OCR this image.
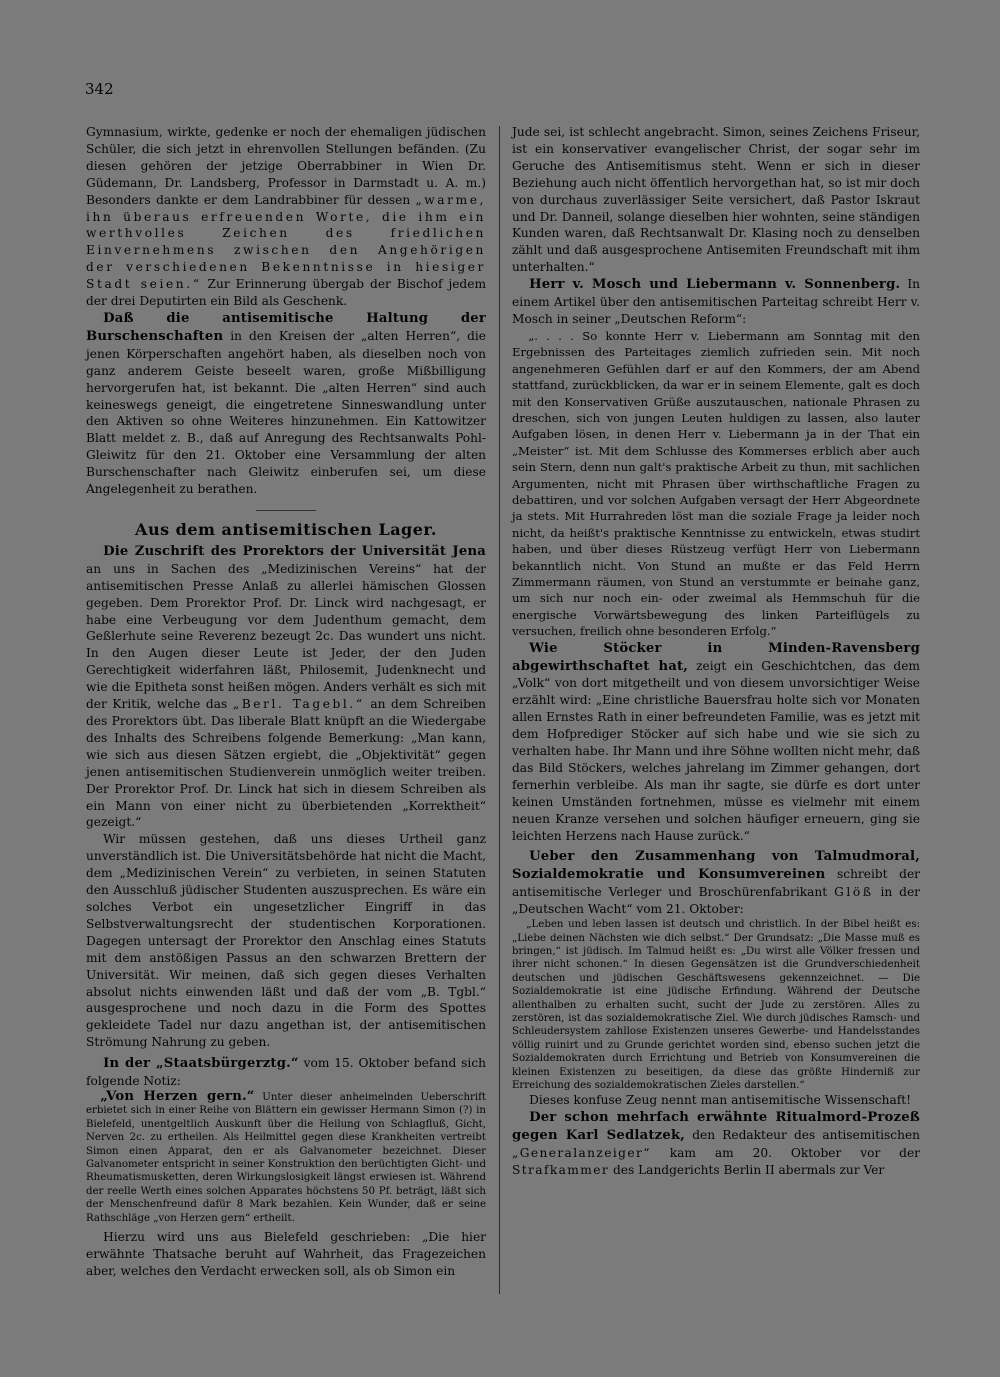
342

Gymnasium, wirkte, gedenke er noch der ehemaligen jüdischen Schüler, die sich jetzt in ehrenvollen Stellungen befänden. (Zu diesen gehören der jetzige Oberrabbiner in Wien Dr. Güdemann, Dr. Landsberg, Professor in Darmstadt u. A. m.) Besonders dankte er dem Landrabbiner für dessen „warme, ihn überaus erfreuenden Worte, die ihm ein werthvolles Zeichen des friedlichen Einvernehmens zwischen den Angehörigen der verschiedenen Bekenntnisse in hiesiger Stadt seien.“ Zur Erinnerung übergab der Bischof jedem der drei Deputirten ein Bild als Geschenk.

Daß die antisemitische Haltung der Burschenschaften in den Kreisen der „alten Herren“, die jenen Körperschaften angehört haben, als dieselben noch von ganz anderem Geiste beseelt waren, große Mißbilligung hervorgerufen hat, ist bekannt. Die „alten Herren“ sind auch keineswegs geneigt, die eingetretene Sinneswandlung unter den Aktiven so ohne Weiteres hinzunehmen. Ein Kattowitzer Blatt meldet z. B., daß auf Anregung des Rechtsanwalts Pohl-Gleiwitz für den 21. Oktober eine Versammlung der alten Burschenschafter nach Gleiwitz einberufen sei, um diese Angelegenheit zu berathen.

Aus dem antisemitischen Lager.

Die Zuschrift des Prorektors der Universität Jena an uns in Sachen des „Medizinischen Vereins“ hat der antisemitischen Presse Anlaß zu allerlei hämischen Glossen gegeben. Dem Prorektor Prof. Dr. Linck wird nachgesagt, er habe eine Verbeugung vor dem Judenthum gemacht, dem Geßlerhute seine Reverenz bezeugt 2c. Das wundert uns nicht. In den Augen dieser Leute ist Jeder, der den Juden Gerechtigkeit widerfahren läßt, Philosemit, Judenknecht und wie die Epitheta sonst heißen mögen. Anders verhält es sich mit der Kritik, welche das „Berl. Tagebl.“ an dem Schreiben des Prorektors übt. Das liberale Blatt knüpft an die Wiedergabe des Inhalts des Schreibens folgende Bemerkung: „Man kann, wie sich aus diesen Sätzen ergiebt, die „Objektivität“ gegen jenen antisemitischen Studienverein unmöglich weiter treiben. Der Prorektor Prof. Dr. Linck hat sich in diesem Schreiben als ein Mann von einer nicht zu überbietenden „Korrektheit“ gezeigt.“

Wir müssen gestehen, daß uns dieses Urtheil ganz unverständlich ist. Die Universitätsbehörde hat nicht die Macht, dem „Medizinischen Verein“ zu verbieten, in seinen Statuten den Ausschluß jüdischer Studenten auszusprechen. Es wäre ein solches Verbot ein ungesetzlicher Eingriff in das Selbstverwaltungsrecht der studentischen Korporationen. Dagegen untersagt der Prorektor den Anschlag eines Statuts mit dem anstößigen Passus an den schwarzen Brettern der Universität. Wir meinen, daß sich gegen dieses Verhalten absolut nichts einwenden läßt und daß der vom „B. Tgbl.“ ausgesprochene und noch dazu in die Form des Spottes gekleidete Tadel nur dazu angethan ist, der antisemitischen Strömung Nahrung zu geben.

In der „Staatsbürgerztg.“ vom 15. Oktober befand sich folgende Notiz:

„Von Herzen gern.“ Unter dieser anheimelnden Ueberschrift erbietet sich in einer Reihe von Blättern ein gewisser Hermann Simon (?) in Bielefeld, unentgeltlich Auskunft über die Heilung von Schlagfluß, Gicht, Nerven 2c. zu ertheilen. Als Heilmittel gegen diese Krankheiten vertreibt Simon einen Apparat, den er als Galvanometer bezeichnet. Dieser Galvanometer entspricht in seiner Konstruktion den berüchtigten Gicht- und Rheumatismusketten, deren Wirkungslosigkeit längst erwiesen ist. Während der reelle Werth eines solchen Apparates höchstens 50 Pf. beträgt, läßt sich der Menschenfreund dafür 8 Mark bezahlen. Kein Wunder, daß er seine Rathschläge „von Herzen gern“ ertheilt.

Hierzu wird uns aus Bielefeld geschrieben: „Die hier erwähnte Thatsache beruht auf Wahrheit, das Fragezeichen aber, welches den Verdacht erwecken soll, als ob Simon ein

Jude sei, ist schlecht angebracht. Simon, seines Zeichens Friseur, ist ein konservativer evangelischer Christ, der sogar sehr im Geruche des Antisemitismus steht. Wenn er sich in dieser Beziehung auch nicht öffentlich hervorgethan hat, so ist mir doch von durchaus zuverlässiger Seite versichert, daß Pastor Iskraut und Dr. Danneil, solange dieselben hier wohnten, seine ständigen Kunden waren, daß Rechtsanwalt Dr. Klasing noch zu denselben zählt und daß ausgesprochene Antisemiten Freundschaft mit ihm unterhalten.“

Herr v. Mosch und Liebermann v. Sonnenberg. In einem Artikel über den antisemitischen Parteitag schreibt Herr v. Mosch in seiner „Deutschen Reform“:

„. . . . So konnte Herr v. Liebermann am Sonntag mit den Ergebnissen des Parteitages ziemlich zufrieden sein. Mit noch angenehmeren Gefühlen darf er auf den Kommers, der am Abend stattfand, zurückblicken, da war er in seinem Elemente, galt es doch mit den Konservativen Grüße auszutauschen, nationale Phrasen zu dreschen, sich von jungen Leuten huldigen zu lassen, also lauter Aufgaben lösen, in denen Herr v. Liebermann ja in der That ein „Meister“ ist. Mit dem Schlusse des Kommerses erblich aber auch sein Stern, denn nun galt's praktische Arbeit zu thun, mit sachlichen Argumenten, nicht mit Phrasen über wirthschaftliche Fragen zu debattiren, und vor solchen Aufgaben versagt der Herr Abgeordnete ja stets. Mit Hurrahreden löst man die soziale Frage ja leider noch nicht, da heißt's praktische Kenntnisse zu entwickeln, etwas studirt haben, und über dieses Rüstzeug verfügt Herr von Liebermann bekanntlich nicht. Von Stund an mußte er das Feld Herrn Zimmermann räumen, von Stund an verstummte er beinahe ganz, um sich nur noch ein- oder zweimal als Hemmschuh für die energische Vorwärtsbewegung des linken Parteiflügels zu versuchen, freilich ohne besonderen Erfolg.“

Wie Stöcker in Minden-Ravensberg abgewirthschaftet hat, zeigt ein Geschichtchen, das dem „Volk“ von dort mitgetheilt und von diesem unvorsichtiger Weise erzählt wird: „Eine christliche Bauersfrau holte sich vor Monaten allen Ernstes Rath in einer befreundeten Familie, was es jetzt mit dem Hofprediger Stöcker auf sich habe und wie sie sich zu verhalten habe. Ihr Mann und ihre Söhne wollten nicht mehr, daß das Bild Stöckers, welches jahrelang im Zimmer gehangen, dort fernerhin verbleibe. Als man ihr sagte, sie dürfe es dort unter keinen Umständen fortnehmen, müsse es vielmehr mit einem neuen Kranze versehen und solchen häufiger erneuern, ging sie leichten Herzens nach Hause zurück.“

Ueber den Zusammenhang von Talmudmoral, Sozialdemokratie und Konsumvereinen schreibt der antisemitische Verleger und Broschürenfabrikant Glöß in der „Deutschen Wacht“ vom 21. Oktober:

„Leben und leben lassen ist deutsch und christlich. In der Bibel heißt es: „Liebe deinen Nächsten wie dich selbst.“ Der Grundsatz: „Die Masse muß es bringen,“ ist jüdisch. Im Talmud heißt es: „Du wirst alle Völker fressen und ihrer nicht schonen.“ In diesen Gegensätzen ist die Grundverschiedenheit deutschen und jüdischen Geschäftswesens gekennzeichnet. — Die Sozialdemokratie ist eine jüdische Erfindung. Während der Deutsche allenthalben zu erhalten sucht, sucht der Jude zu zerstören. Alles zu zerstören, ist das sozialdemokratische Ziel. Wie durch jüdisches Ramsch- und Schleudersystem zahllose Existenzen unseres Gewerbe- und Handelsstandes völlig ruinirt und zu Grunde gerichtet worden sind, ebenso suchen jetzt die Sozialdemokraten durch Errichtung und Betrieb von Konsumvereinen die kleinen Existenzen zu beseitigen, da diese das größte Hinderniß zur Erreichung des sozialdemokratischen Zieles darstellen.“

Dieses konfuse Zeug nennt man antisemitische Wissenschaft!

Der schon mehrfach erwähnte Ritualmord-Prozeß gegen Karl Sedlatzek, den Redakteur des antisemitischen „Generalanzeiger“ kam am 20. Oktober vor der Strafkammer des Landgerichts Berlin II abermals zur Ver
